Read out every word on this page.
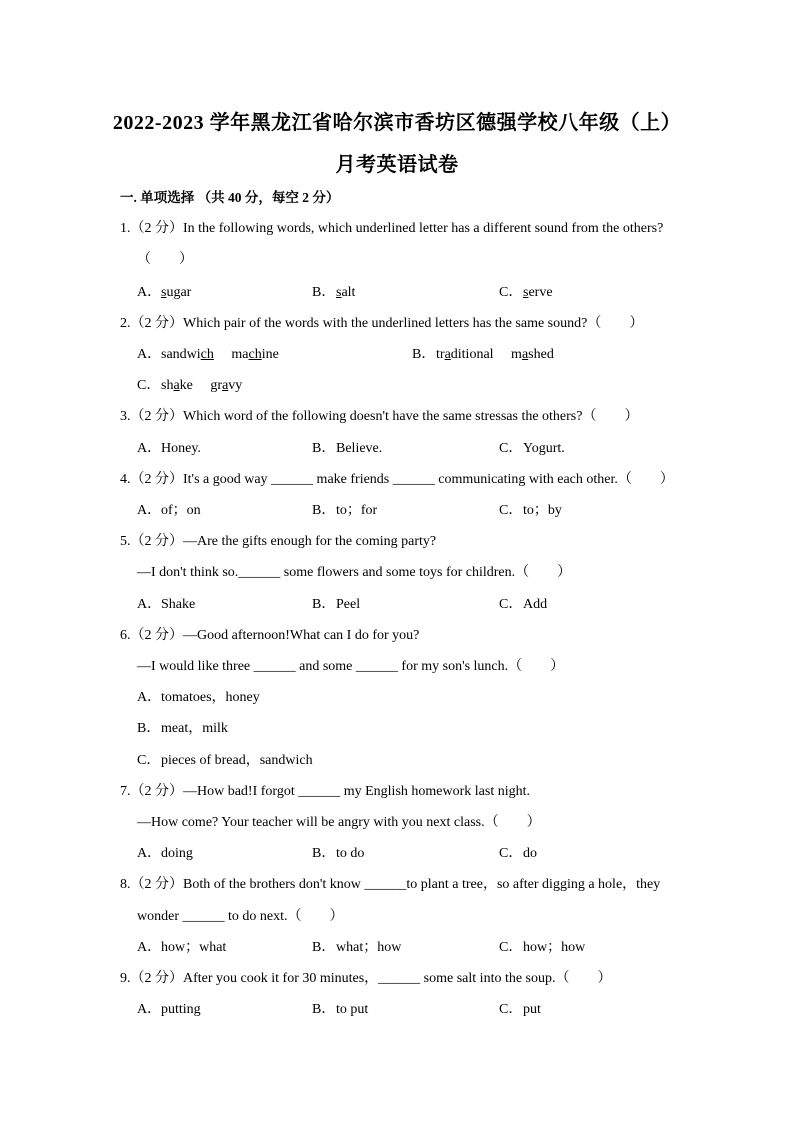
2022-2023 学年黑龙江省哈尔滨市香坊区德强学校八年级（上）
月考英语试卷
一. 单项选择 （共 40 分，每空 2 分）
1.（2 分）In the following words, which underlined letter has a different sound from the others?
（　　）
A．sugar	B．salt	C．serve
2.（2 分）Which pair of the words with the underlined letters has the same sound?（　　）
A．sandwich　 machine	B．traditional　 mashed
C．shake　 gravy
3.（2 分）Which word of the following doesn't have the same stressas the others?（　　）
A．Honey.	B．Believe.	C．Yogurt.
4.（2 分）It's a good way ______ make friends ______ communicating with each other.（　　）
A．of；on	B．to；for	C．to；by
5.（2 分）—Are the gifts enough for the coming party?
—I don't think so.______ some flowers and some toys for children.（　　）
A．Shake	B．Peel	C．Add
6.（2 分）—Good afternoon!What can I do for you?
—I would like three ______ and some ______ for my son's lunch.（　　）
A．tomatoes，honey
B．meat，milk
C．pieces of bread，sandwich
7.（2 分）—How bad!I forgot ______ my English homework last night.
—How come? Your teacher will be angry with you next class.（　　）
A．doing	B．to do	C．do
8.（2 分）Both of the brothers don't know ______to plant a tree，so after digging a hole，they
wonder ______ to do next.（　　）
A．how；what	B．what；how	C．how；how
9.（2 分）After you cook it for 30 minutes，______ some salt into the soup.（　　）
A．putting	B．to put	C．put
